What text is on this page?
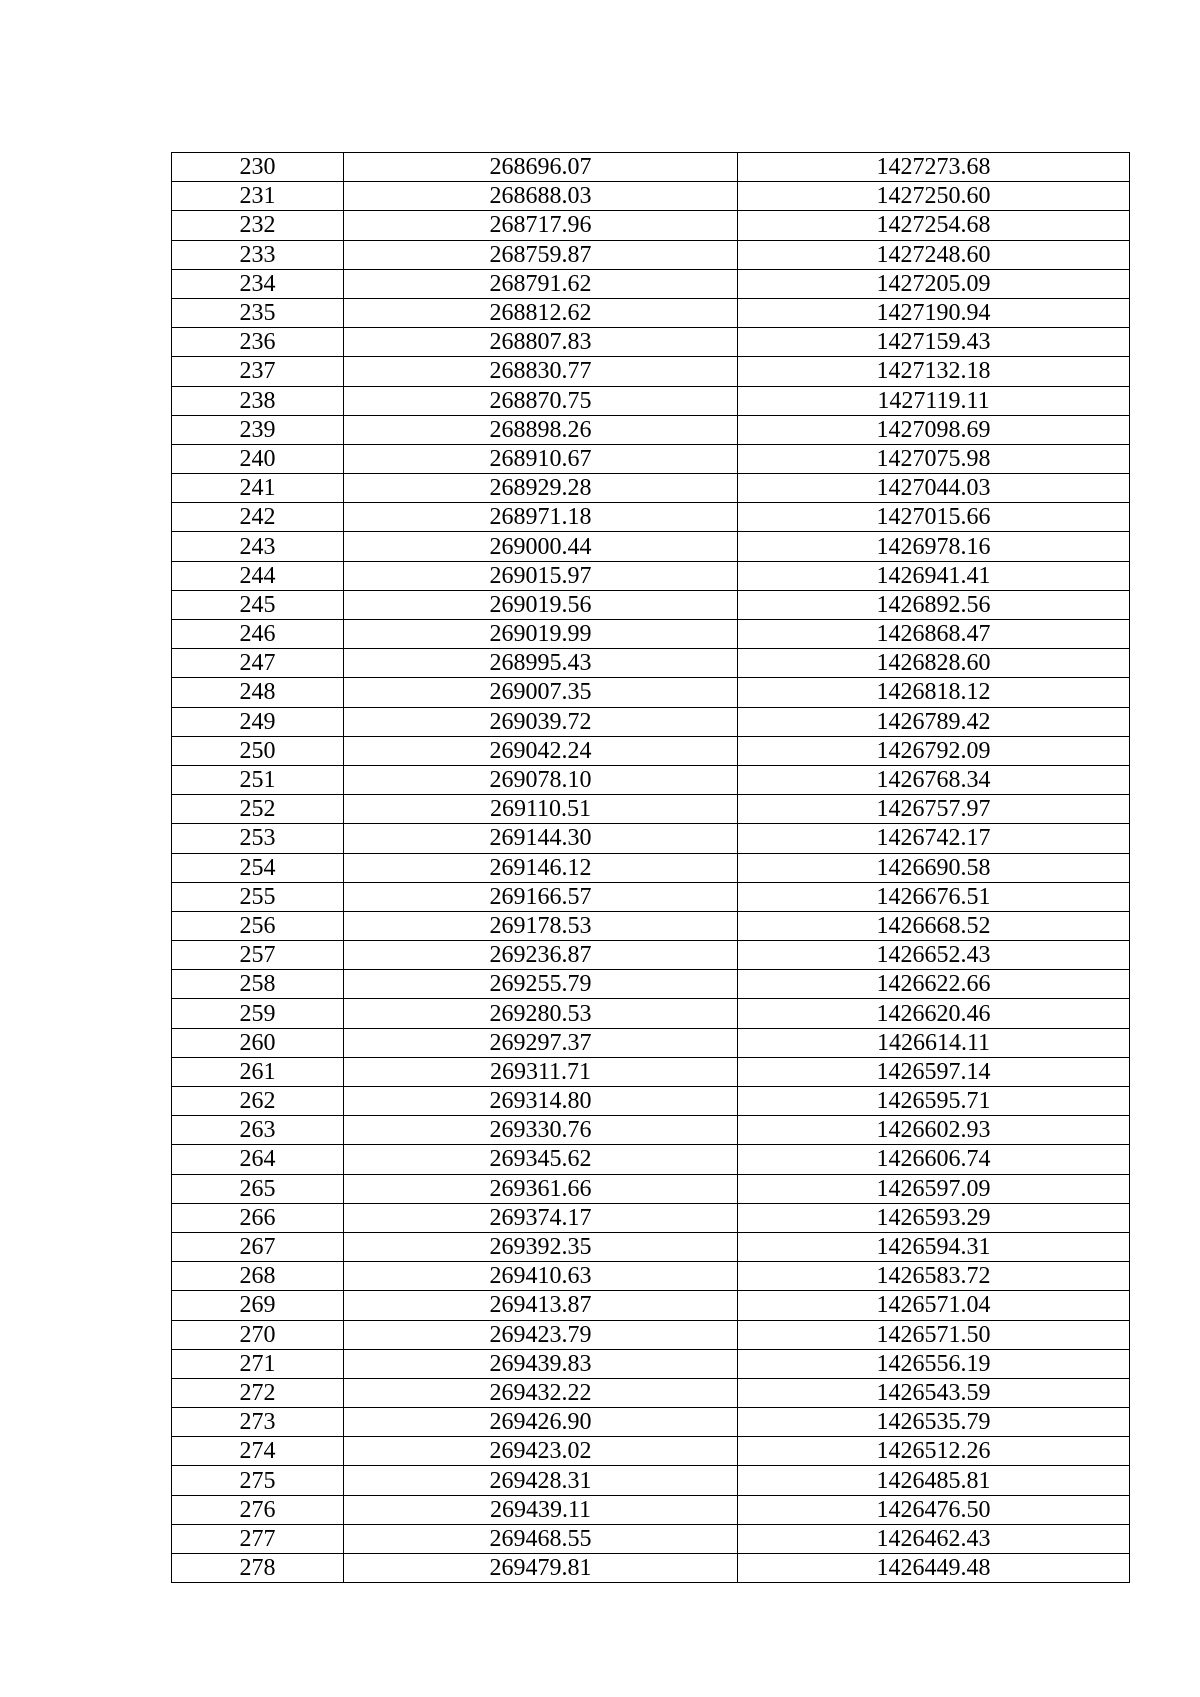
230	268696.07	1427273.68
231	268688.03	1427250.60
232	268717.96	1427254.68
233	268759.87	1427248.60
234	268791.62	1427205.09
235	268812.62	1427190.94
236	268807.83	1427159.43
237	268830.77	1427132.18
238	268870.75	1427119.11
239	268898.26	1427098.69
240	268910.67	1427075.98
241	268929.28	1427044.03
242	268971.18	1427015.66
243	269000.44	1426978.16
244	269015.97	1426941.41
245	269019.56	1426892.56
246	269019.99	1426868.47
247	268995.43	1426828.60
248	269007.35	1426818.12
249	269039.72	1426789.42
250	269042.24	1426792.09
251	269078.10	1426768.34
252	269110.51	1426757.97
253	269144.30	1426742.17
254	269146.12	1426690.58
255	269166.57	1426676.51
256	269178.53	1426668.52
257	269236.87	1426652.43
258	269255.79	1426622.66
259	269280.53	1426620.46
260	269297.37	1426614.11
261	269311.71	1426597.14
262	269314.80	1426595.71
263	269330.76	1426602.93
264	269345.62	1426606.74
265	269361.66	1426597.09
266	269374.17	1426593.29
267	269392.35	1426594.31
268	269410.63	1426583.72
269	269413.87	1426571.04
270	269423.79	1426571.50
271	269439.83	1426556.19
272	269432.22	1426543.59
273	269426.90	1426535.79
274	269423.02	1426512.26
275	269428.31	1426485.81
276	269439.11	1426476.50
277	269468.55	1426462.43
278	269479.81	1426449.48
